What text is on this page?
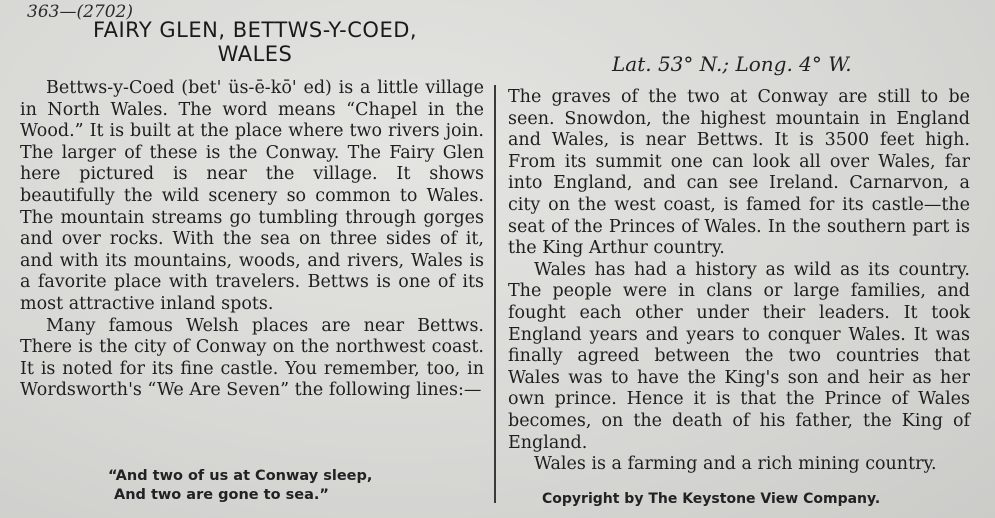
363—(2702)
FAIRY GLEN, BETTWS-Y-COED,
WALES	Lat. 53° N.; Long. 4° W.

Bettws-y-Coed (bet' üs-ē-kō' ed) is a little village in North Wales. The word means “Chapel in the Wood.” It is built at the place where two rivers join. The larger of these is the Conway. The Fairy Glen here pictured is near the village. It shows beautifully the wild scenery so common to Wales. The mountain streams go tumbling through gorges and over rocks. With the sea on three sides of it, and with its mountains, woods, and rivers, Wales is a favorite place with travelers. Bettws is one of its most attractive inland spots.

Many famous Welsh places are near Bettws. There is the city of Conway on the northwest coast. It is noted for its fine castle. You remember, too, in Wordsworth's “We Are Seven” the following lines:—

“And two of us at Conway sleep,
And two are gone to sea.”

The graves of the two at Conway are still to be seen. Snowdon, the highest mountain in England and Wales, is near Bettws. It is 3500 feet high. From its summit one can look all over Wales, far into England, and can see Ireland. Carnarvon, a city on the west coast, is famed for its castle—the seat of the Princes of Wales. In the southern part is the King Arthur country.

Wales has had a history as wild as its country. The people were in clans or large families, and fought each other under their leaders. It took England years and years to conquer Wales. It was finally agreed between the two countries that Wales was to have the King's son and heir as her own prince. Hence it is that the Prince of Wales becomes, on the death of his father, the King of England.

Wales is a farming and a rich mining country.

Copyright by The Keystone View Company.
